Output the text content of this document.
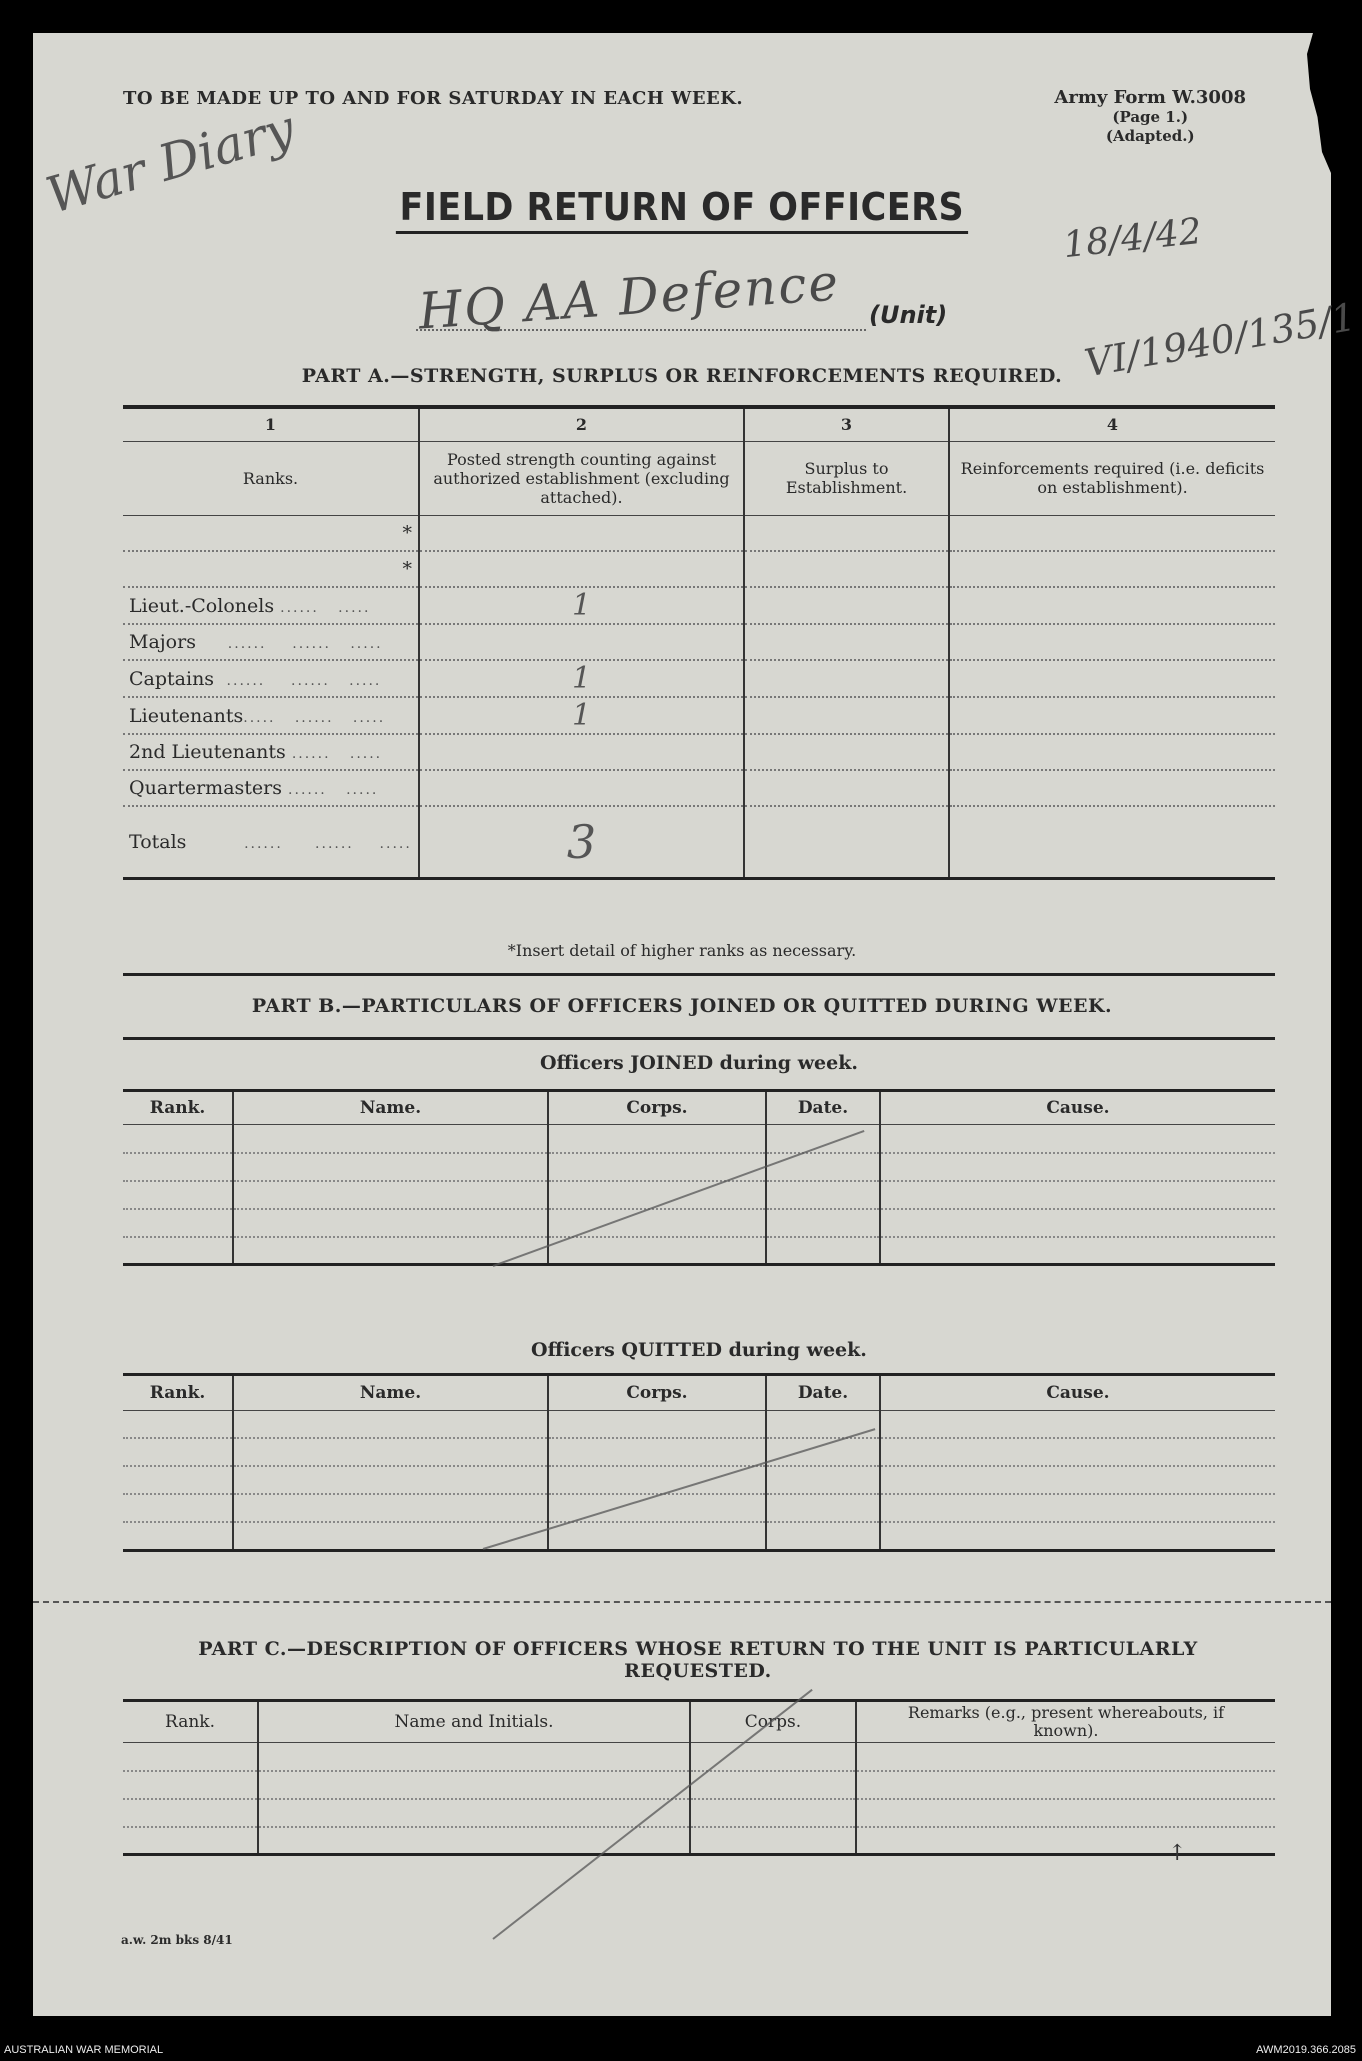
TO BE MADE UP TO AND FOR SATURDAY IN EACH WEEK.	Army Form W.3008
(Page 1.)
(Adapted.)
War Diary	FIELD RETURN OF OFFICERS
18/4/42
HQ AA Defence (Unit)	VI/1940/135/1
PART A.—STRENGTH, SURPLUS OR REINFORCEMENTS REQUIRED.
1	2	3	4
Ranks.	Posted strength counting against authorized establishment (excluding attached).	Surplus to Establishment.	Reinforcements required (i.e. deficits on establishment).
*			
*			
Lieut.-Colonels ......   .....	1		
Majors     ......    ......   .....			
Captains  ......    ......   .....	1		
Lieutenants.....   ......   .....	1		
2nd Lieutenants ......   .....			
Quartermasters ......   .....			
Totals         ......     ......    .....	3		
*Insert detail of higher ranks as necessary.
PART B.—PARTICULARS OF OFFICERS JOINED OR QUITTED DURING WEEK.
Officers JOINED during week.
Rank.	Name.	Corps.	Date.	Cause.

Officers QUITTED during week.
Rank.	Name.	Corps.	Date.	Cause.

PART C.—DESCRIPTION OF OFFICERS WHOSE RETURN TO THE UNIT IS PARTICULARLY REQUESTED.
Rank.	Name and Initials.	Corps.	Remarks (e.g., present whereabouts, if known).

↑
a.w. 2m bks 8/41
AUSTRALIAN WAR MEMORIAL	AWM2019.366.2085
